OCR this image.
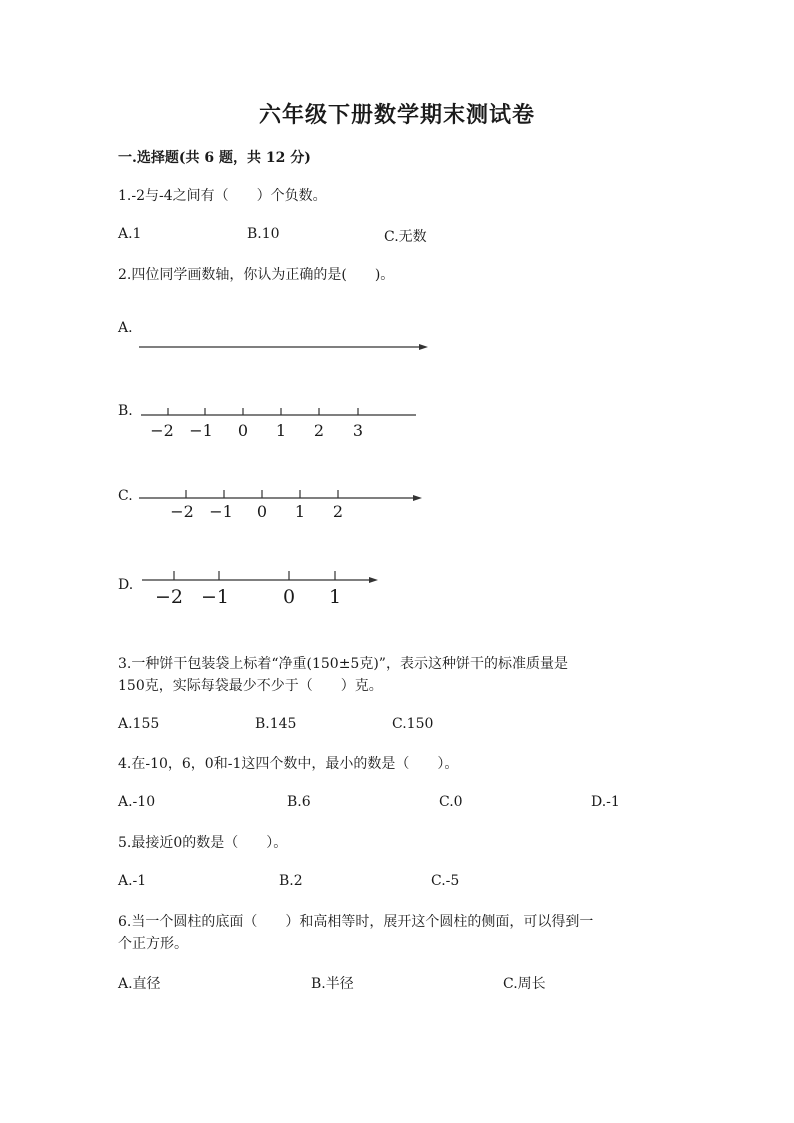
六年级下册数学期末测试卷
一.选择题(共 6 题，共 12 分)
1.-2与-4之间有（　　）个负数。
A.1	B.10	C.无数
2.四位同学画数轴，你认为正确的是(　　)。
A.
B.
−2 −1 0 1 2 3
C.
−2 −1 0 1 2
D.
−2 −1	0 1
3.一种饼干包装袋上标着“净重(150±5克)”，表示这种饼干的标准质量是
150克，实际每袋最少不少于（　　）克。
A.155	B.145	C.150
4.在-10，6，0和-1这四个数中，最小的数是（　　）。
A.-10	B.6	C.0	D.-1
5.最接近0的数是（　　）。
A.-1	B.2	C.-5
6.当一个圆柱的底面（　　）和高相等时，展开这个圆柱的侧面，可以得到一
个正方形。
A.直径	B.半径	C.周长
